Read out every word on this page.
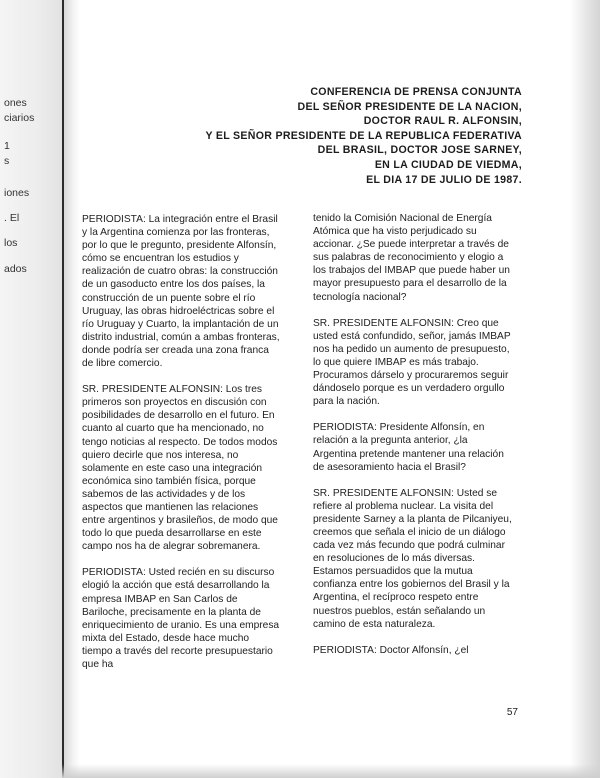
ones
ciarios
1
s
iones
. El
los
ados
CONFERENCIA DE PRENSA CONJUNTA
DEL SEÑOR PRESIDENTE DE LA NACION,
DOCTOR RAUL R. ALFONSIN,
Y EL SEÑOR PRESIDENTE DE LA REPUBLICA FEDERATIVA
DEL BRASIL, DOCTOR JOSE SARNEY,
EN LA CIUDAD DE VIEDMA,
EL DIA 17 DE JULIO DE 1987.

PERIODISTA: La integración entre el Brasil y la Argentina comienza por las fronteras, por lo que le pregunto, presidente Alfonsín, cómo se encuentran los estudios y realización de cuatro obras: la construcción de un gasoducto entre los dos países, la construcción de un puente sobre el río Uruguay, las obras hidroeléctricas sobre el río Uruguay y Cuarto, la implantación de un distrito industrial, común a ambas fronteras, donde podría ser creada una zona franca de libre comercio.

SR. PRESIDENTE ALFONSIN: Los tres primeros son proyectos en discusión con posibilidades de desarrollo en el futuro. En cuanto al cuarto que ha mencionado, no tengo noticias al respecto. De todos modos quiero decirle que nos interesa, no solamente en este caso una integración económica sino también física, porque sabemos de las actividades y de los aspectos que mantienen las relaciones entre argentinos y brasileños, de modo que todo lo que pueda desarrollarse en este campo nos ha de alegrar sobremanera.

PERIODISTA: Usted recién en su discurso elogió la acción que está desarrollando la empresa IMBAP en San Carlos de Bariloche, precisamente en la planta de enriquecimiento de uranio. Es una empresa mixta del Estado, desde hace mucho tiempo a través del recorte presupuestario que ha

tenido la Comisión Nacional de Energía Atómica que ha visto perjudicado su accionar. ¿Se puede interpretar a través de sus palabras de reconocimiento y elogio a los trabajos del IMBAP que puede haber un mayor presupuesto para el desarrollo de la tecnología nacional?

SR. PRESIDENTE ALFONSIN: Creo que usted está confundido, señor, jamás IMBAP nos ha pedido un aumento de presupuesto, lo que quiere IMBAP es más trabajo. Procuramos dárselo y procuraremos seguir dándoselo porque es un verdadero orgullo para la nación.

PERIODISTA: Presidente Alfonsín, en relación a la pregunta anterior, ¿la Argentina pretende mantener una relación de asesoramiento hacia el Brasil?

SR. PRESIDENTE ALFONSIN: Usted se refiere al problema nuclear. La visita del presidente Sarney a la planta de Pilcaniyeu, creemos que señala el inicio de un diálogo cada vez más fecundo que podrá culminar en resoluciones de lo más diversas. Estamos persuadidos que la mutua confianza entre los gobiernos del Brasil y la Argentina, el recíproco respeto entre nuestros pueblos, están señalando un camino de esta naturaleza.

PERIODISTA: Doctor Alfonsín, ¿el

57
